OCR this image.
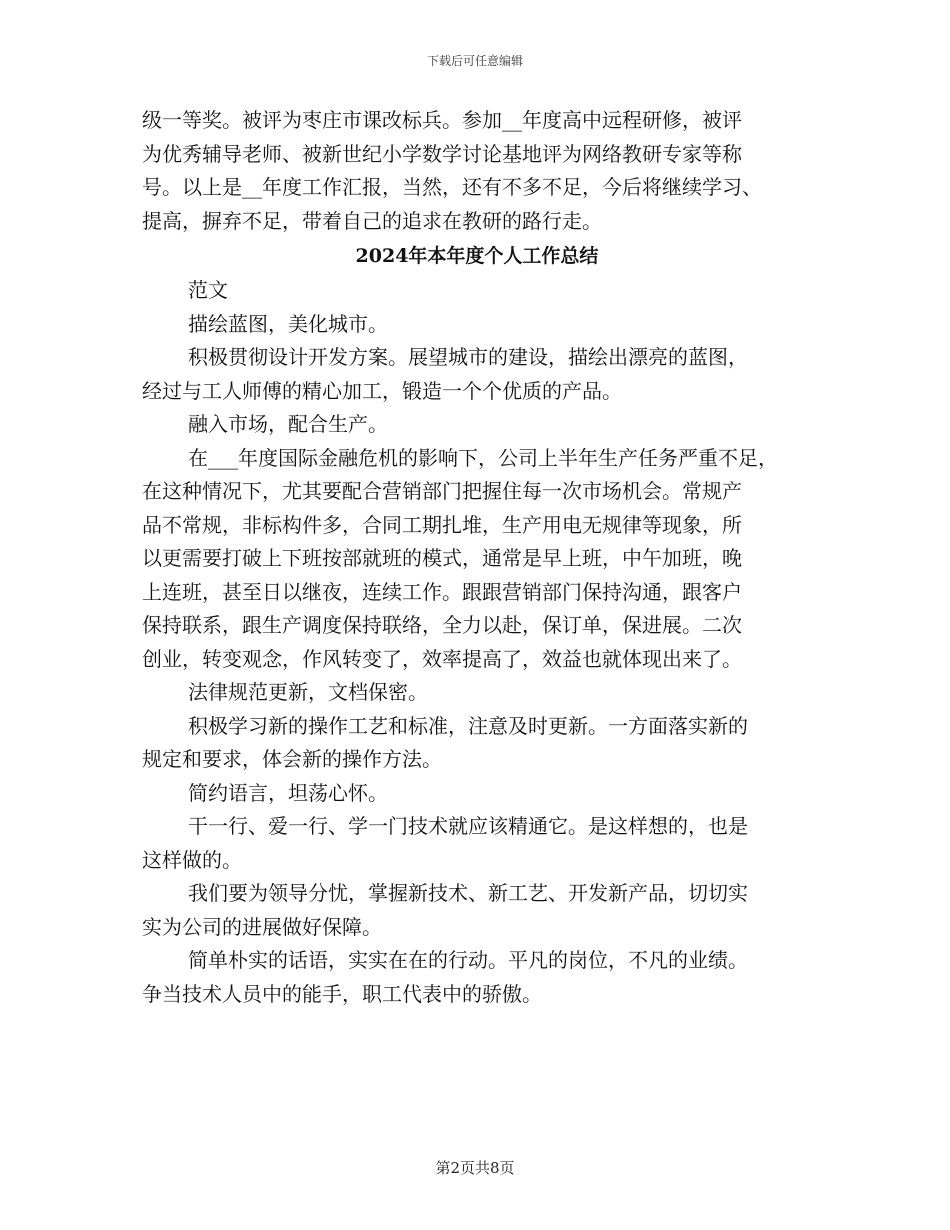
下载后可任意编辑
级一等奖。被评为枣庄市课改标兵。参加__年度高中远程研修，被评
为优秀辅导老师、被新世纪小学数学讨论基地评为网络教研专家等称
号。以上是__年度工作汇报，当然，还有不多不足，今后将继续学习、
提高，摒弃不足，带着自己的追求在教研的路行走。
2024年本年度个人工作总结
范文
描绘蓝图，美化城市。
积极贯彻设计开发方案。展望城市的建设，描绘出漂亮的蓝图，
经过与工人师傅的精心加工，锻造一个个优质的产品。
融入市场，配合生产。
在___年度国际金融危机的影响下，公司上半年生产任务严重不足，
在这种情况下，尤其要配合营销部门把握住每一次市场机会。常规产
品不常规，非标构件多，合同工期扎堆，生产用电无规律等现象，所
以更需要打破上下班按部就班的模式，通常是早上班，中午加班，晚
上连班，甚至日以继夜，连续工作。跟跟营销部门保持沟通，跟客户
保持联系，跟生产调度保持联络，全力以赴，保订单，保进展。二次
创业，转变观念，作风转变了，效率提高了，效益也就体现出来了。
法律规范更新，文档保密。
积极学习新的操作工艺和标准，注意及时更新。一方面落实新的
规定和要求，体会新的操作方法。
简约语言，坦荡心怀。
干一行、爱一行、学一门技术就应该精通它。是这样想的，也是
这样做的。
我们要为领导分忧，掌握新技术、新工艺、开发新产品，切切实
实为公司的进展做好保障。
简单朴实的话语，实实在在的行动。平凡的岗位，不凡的业绩。
争当技术人员中的能手，职工代表中的骄傲。
第2页共8页
